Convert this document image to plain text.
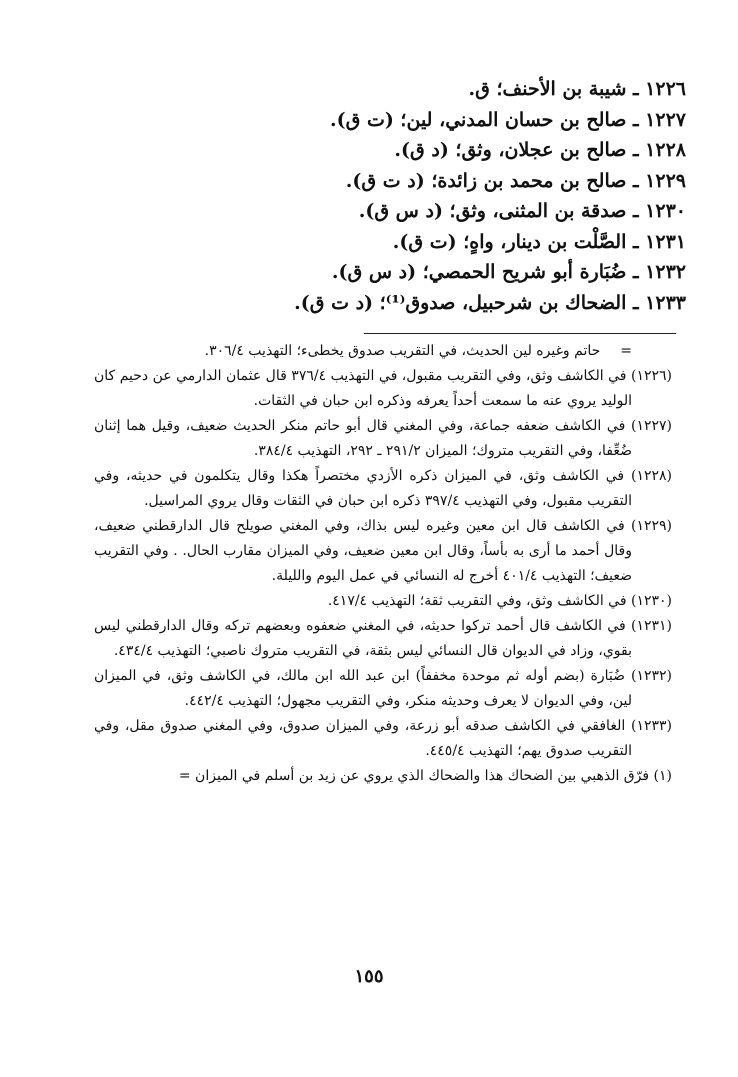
١٢٢٦ ـ شيبة بن الأحنف؛ ق.
١٢٢٧ ـ صالح بن حسان المدني، لين؛ (ت ق).
١٢٢٨ ـ صالح بن عجلان، وثق؛ (د ق).
١٢٢٩ ـ صالح بن محمد بن زائدة؛ (د ت ق).
١٢٣٠ ـ صدقة بن المثنى، وثق؛ (د س ق).
١٢٣١ ـ الصَّلْت بن دينار، واهٍ؛ (ت ق).
١٢٣٢ ـ ضُبَارة أبو شريح الحمصي؛ (د س ق).
١٢٣٣ ـ الضحاك بن شرحبيل، صدوق⁽¹⁾؛ (د ت ق).
=حاتم وغيره لين الحديث، في التقريب صدوق يخطىء؛ التهذيب ٣٠٦/٤.
(١٢٢٦) في الكاشف وثق، وفي التقريب مقبول، في التهذيب ٣٧٦/٤ قال عثمان الدارمي عن دحيم كان الوليد يروي عنه ما سمعت أحداً يعرفه وذكره ابن حبان في الثقات.
(١٢٢٧) في الكاشف ضعفه جماعة، وفي المغني قال أبو حاتم منكر الحديث ضعيف، وقيل هما إثنان ضُعِّفا، وفي التقريب متروك؛ الميزان ٢٩١/٢ ـ ٢٩٢، التهذيب ٣٨٤/٤.
(١٢٢٨) في الكاشف وثق، في الميزان ذكره الأزدي مختصراً هكذا وقال يتكلمون في حديثه، وفي التقريب مقبول، وفي التهذيب ٣٩٧/٤ ذكره ابن حبان في الثقات وقال يروي المراسيل.
(١٢٢٩) في الكاشف قال ابن معين وغيره ليس بذاك، وفي المغني صويلح قال الدارقطني ضعيف، وقال أحمد ما أرى به بأساً، وقال ابن معين ضعيف، وفي الميزان مقارب الحال. . وفي التقريب ضعيف؛ التهذيب ٤٠١/٤ أخرج له النسائي في عمل اليوم والليلة.
(١٢٣٠) في الكاشف وثق، وفي التقريب ثقة؛ التهذيب ٤١٧/٤.
(١٢٣١) في الكاشف قال أحمد تركوا حديثه، في المغني ضعفوه وبعضهم تركه وقال الدارقطني ليس بقوي، وزاد في الديوان قال النسائي ليس بثقة، في التقريب متروك ناصبي؛ التهذيب ٤٣٤/٤.
(١٢٣٢) ضُبَارة (بضم أوله ثم موحدة مخففاً) ابن عبد الله ابن مالك، في الكاشف وثق، في الميزان لين، وفي الديوان لا يعرف وحديثه منكر، وفي التقريب مجهول؛ التهذيب ٤٤٢/٤.
(١٢٣٣) الغافقي في الكاشف صدقه أبو زرعة، وفي الميزان صدوق، وفي المغني صدوق مقل، وفي التقريب صدوق يهم؛ التهذيب ٤٤٥/٤.
(١) فرّق الذهبي بين الضحاك هذا والضحاك الذي يروي عن زيد بن أسلم في الميزان =
١٥٥
